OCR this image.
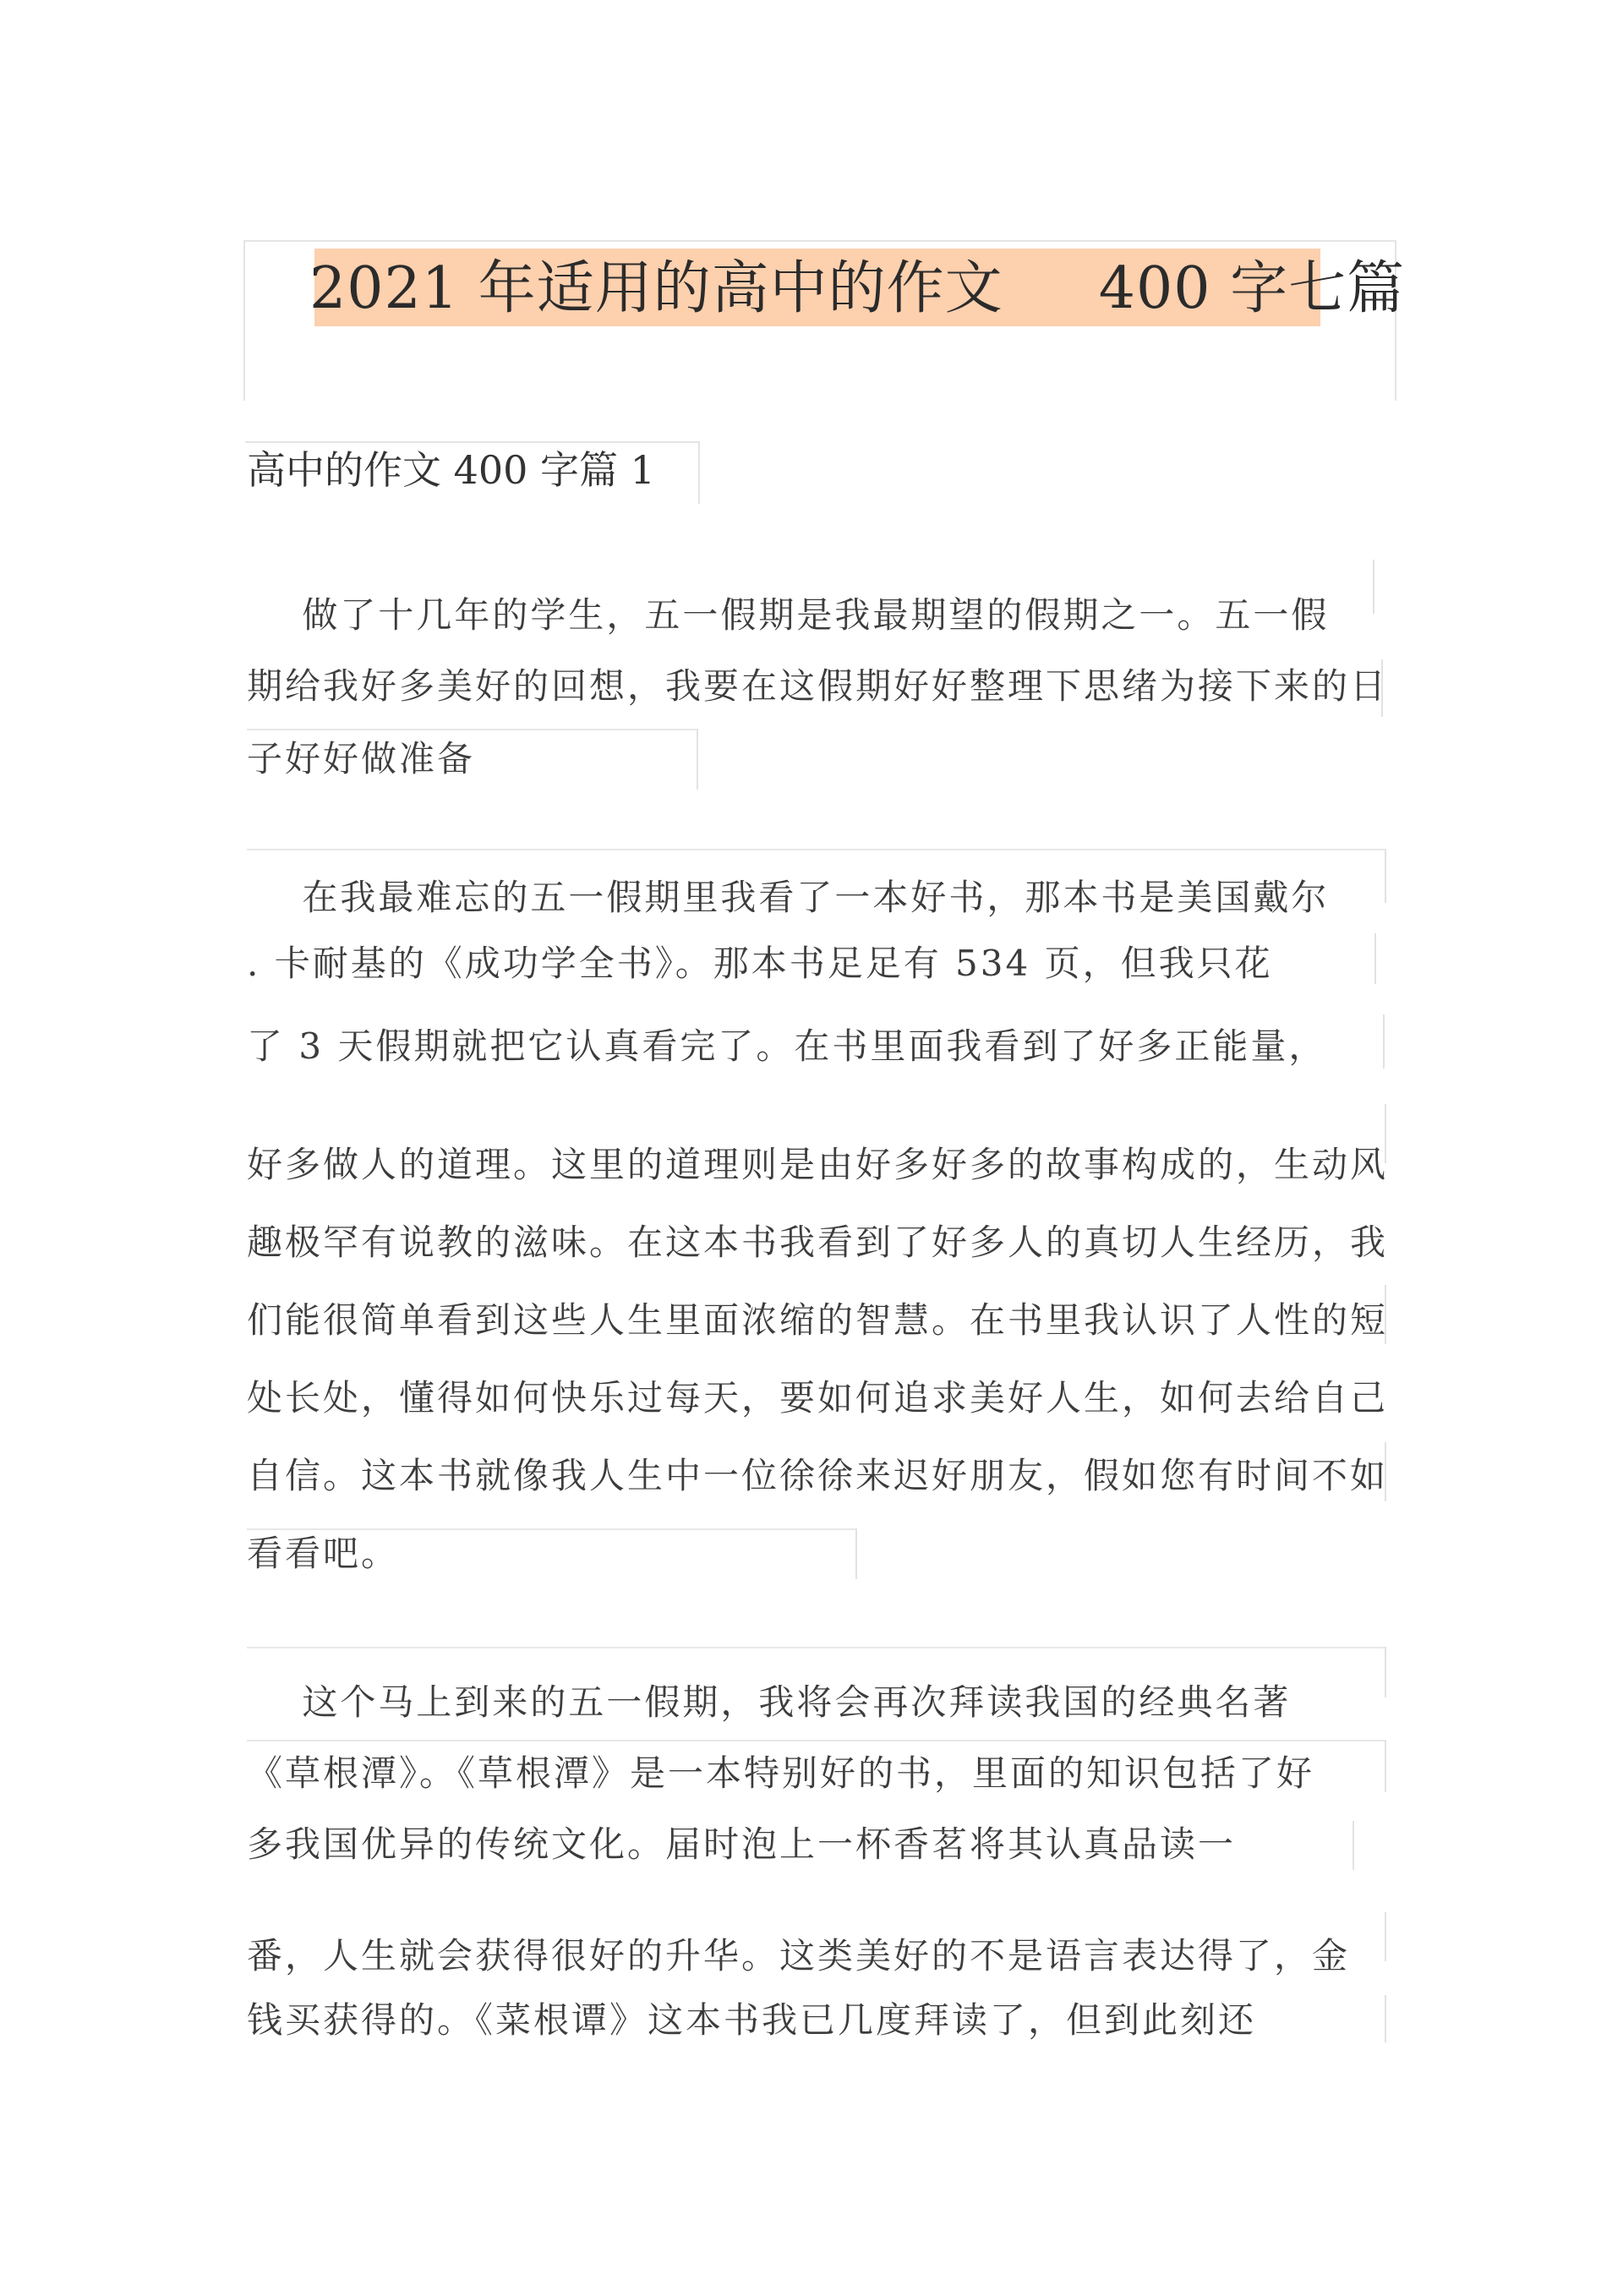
2021 年适用的高中的作文     400 字七篇
高中的作文 400 字篇 1
做了十几年的学生，五一假期是我最期望的假期之一。五一假
期给我好多美好的回想，我要在这假期好好整理下思绪为接下来的日
子好好做准备
在我最难忘的五一假期里我看了一本好书，那本书是美国戴尔
. 卡耐基的《成功学全书》。那本书足足有 534 页，但我只花
了 3 天假期就把它认真看完了。在书里面我看到了好多正能量，
好多做人的道理。这里的道理则是由好多好多的故事构成的，生动风
趣极罕有说教的滋味。在这本书我看到了好多人的真切人生经历，我
们能很简单看到这些人生里面浓缩的智慧。在书里我认识了人性的短
处长处，懂得如何快乐过每天，要如何追求美好人生，如何去给自己
自信。这本书就像我人生中一位徐徐来迟好朋友，假如您有时间不如
看看吧。
这个马上到来的五一假期，我将会再次拜读我国的经典名著
《草根潭》。《草根潭》是一本特别好的书，里面的知识包括了好
多我国优异的传统文化。届时泡上一杯香茗将其认真品读一
番，人生就会获得很好的升华。这类美好的不是语言表达得了，金
钱买获得的。《菜根谭》这本书我已几度拜读了，但到此刻还
